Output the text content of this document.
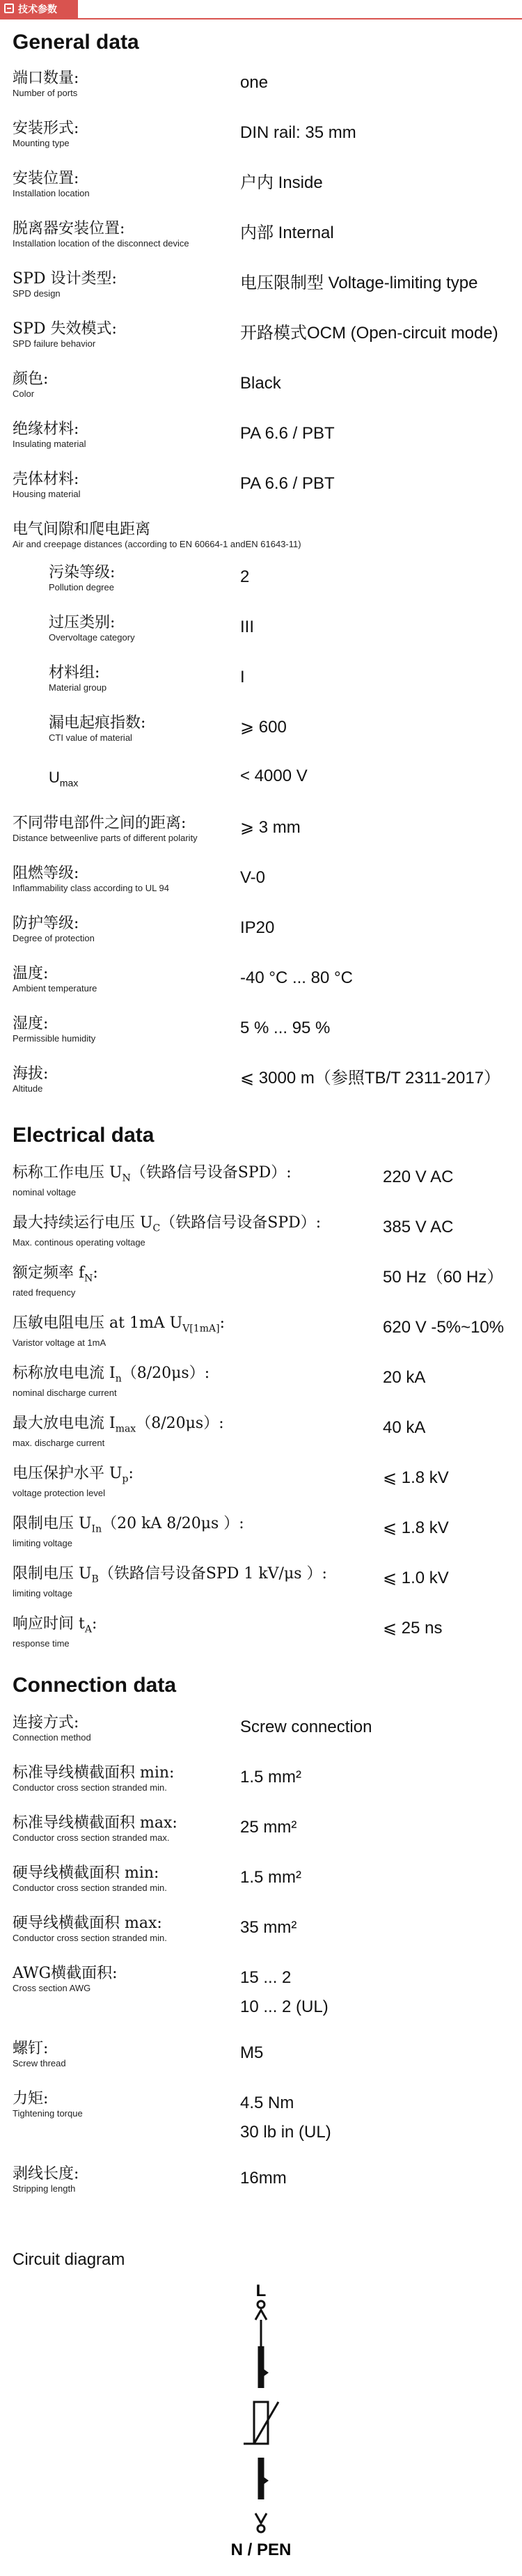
技术参数
General data
端口数量:
Number of ports
one
安装形式:
Mounting type
DIN rail: 35 mm
安装位置:
Installation location
户内 Inside
脱离器安装位置:
Installation location of the disconnect device
内部 Internal
SPD 设计类型:
SPD design
电压限制型 Voltage-limiting type
SPD 失效模式:
SPD failure behavior
开路模式OCM (Open-circuit mode)
颜色:
Color
Black
绝缘材料:
Insulating material
PA 6.6 / PBT
壳体材料:
Housing material
PA 6.6 / PBT
电气间隙和爬电距离
Air and creepage distances (according to EN 60664-1 andEN 61643-11)
污染等级:
Pollution degree
2
过压类别:
Overvoltage category
III
材料组:
Material group
I
漏电起痕指数:
CTI value of material
⩾ 600
$U_{max}$	< 4000 V
不同带电部件之间的距离:
Distance betweenlive parts of different polarity
⩾ 3 mm
阻燃等级:
Inflammability class according to UL 94
V-0
防护等级:
Degree of protection
IP20
温度:
Ambient temperature
-40 °C ... 80 °C
湿度:
Permissible humidity
5 % ... 95 %
海拔:
Altitude
⩽ 3000 m（参照TB/T 2311-2017）
Electrical data
标称工作电压 $U_N$（铁路信号设备SPD）:
nominal voltage
220 V AC
最大持续运行电压 $U_C$（铁路信号设备SPD）:
Max. continous operating voltage
385 V AC
额定频率 $f_N$:
rated frequency
50 Hz（60 Hz）
压敏电阻电压 at 1mA $U_{V[1mA]}$:
Varistor voltage at 1mA
620 V -5%~10%
标称放电电流 $I_n(8/20\mu s)$:
nominal discharge current
20 kA
最大放电电流 $I_{max}(8/20\mu s)$:
max. discharge current
40 kA
电压保护水平 $U_p$:
voltage protection level
⩽ 1.8 kV
限制电压 $U_{In}(20$ kA 8/20μs ）:
limiting voltage
⩽ 1.8 kV
限制电压 $U_B$（铁路信号设备SPD 1 kV/μs ）:
limiting voltage
⩽ 1.0 kV
响应时间 $t_A$:
response time
⩽ 25 ns
Connection data
连接方式:
Connection method
Screw connection
标准导线横截面积 min:
Conductor cross section stranded min.
1.5 mm²
标准导线横截面积 max:
Conductor cross section stranded max.
25 mm²
硬导线横截面积 min:
Conductor cross section stranded min.
1.5 mm²
硬导线横截面积 max:
Conductor cross section stranded min.
35 mm²
AWG横截面积:
Cross section AWG
15 ... 2
10 ... 2 (UL)
螺钉:
Screw thread
M5
力矩:
Tightening torque
4.5 Nm
30 lb in (UL)
剥线长度:
Stripping length
16mm
Circuit diagram
L
N / PEN
